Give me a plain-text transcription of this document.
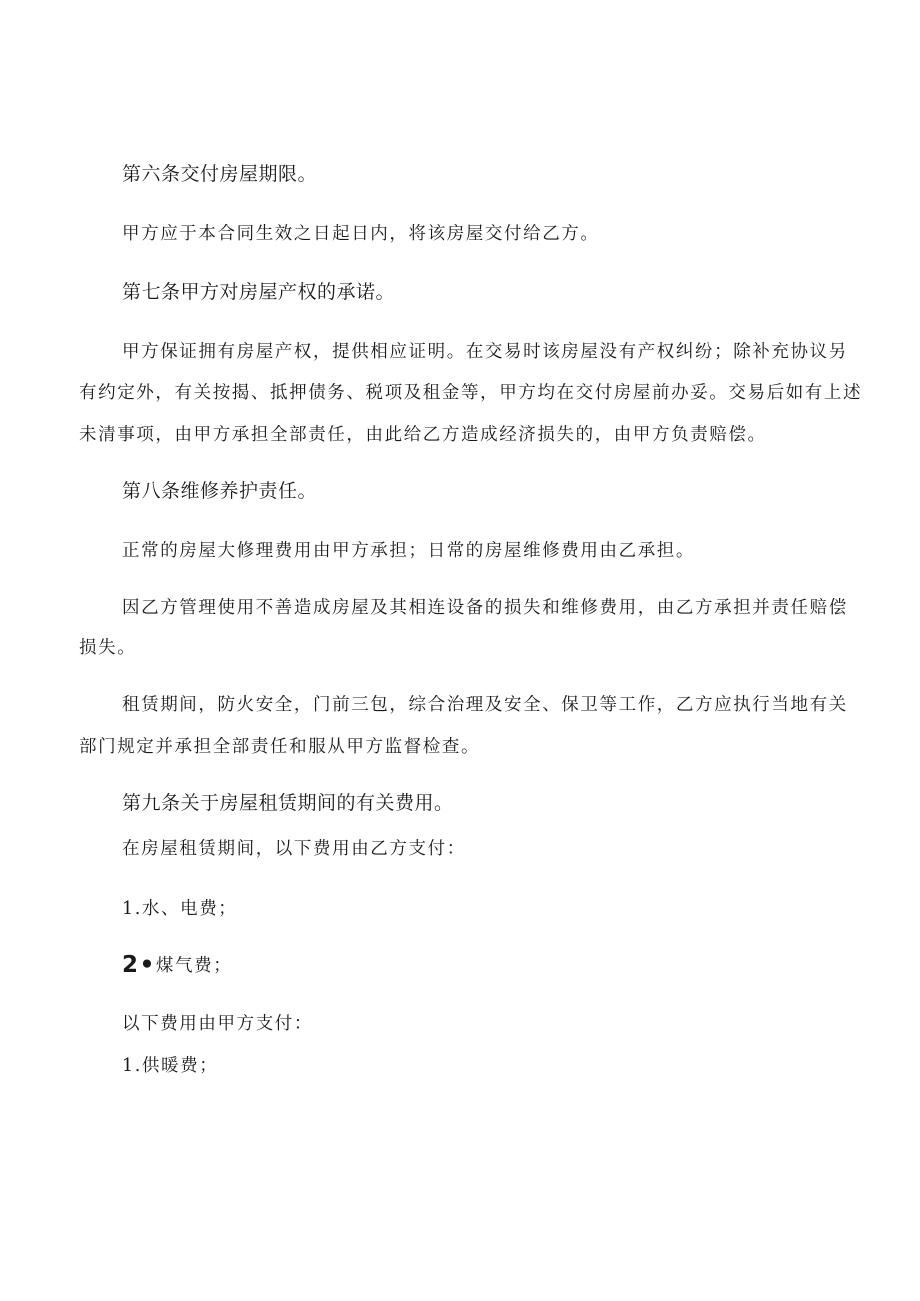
第六条交付房屋期限。
甲方应于本合同生效之日起日内，将该房屋交付给乙方。
第七条甲方对房屋产权的承诺。
甲方保证拥有房屋产权，提供相应证明。在交易时该房屋没有产权纠纷；除补充协议另
有约定外，有关按揭、抵押债务、税项及租金等，甲方均在交付房屋前办妥。交易后如有上述
未清事项，由甲方承担全部责任，由此给乙方造成经济损失的，由甲方负责赔偿。
第八条维修养护责任。
正常的房屋大修理费用由甲方承担；日常的房屋维修费用由乙承担。
因乙方管理使用不善造成房屋及其相连设备的损失和维修费用，由乙方承担并责任赔偿
损失。
租赁期间，防火安全，门前三包，综合治理及安全、保卫等工作，乙方应执行当地有关
部门规定并承担全部责任和服从甲方监督检查。
第九条关于房屋租赁期间的有关费用。
在房屋租赁期间，以下费用由乙方支付：
1.水、电费；
2•煤气费；
以下费用由甲方支付：
1.供暖费；
